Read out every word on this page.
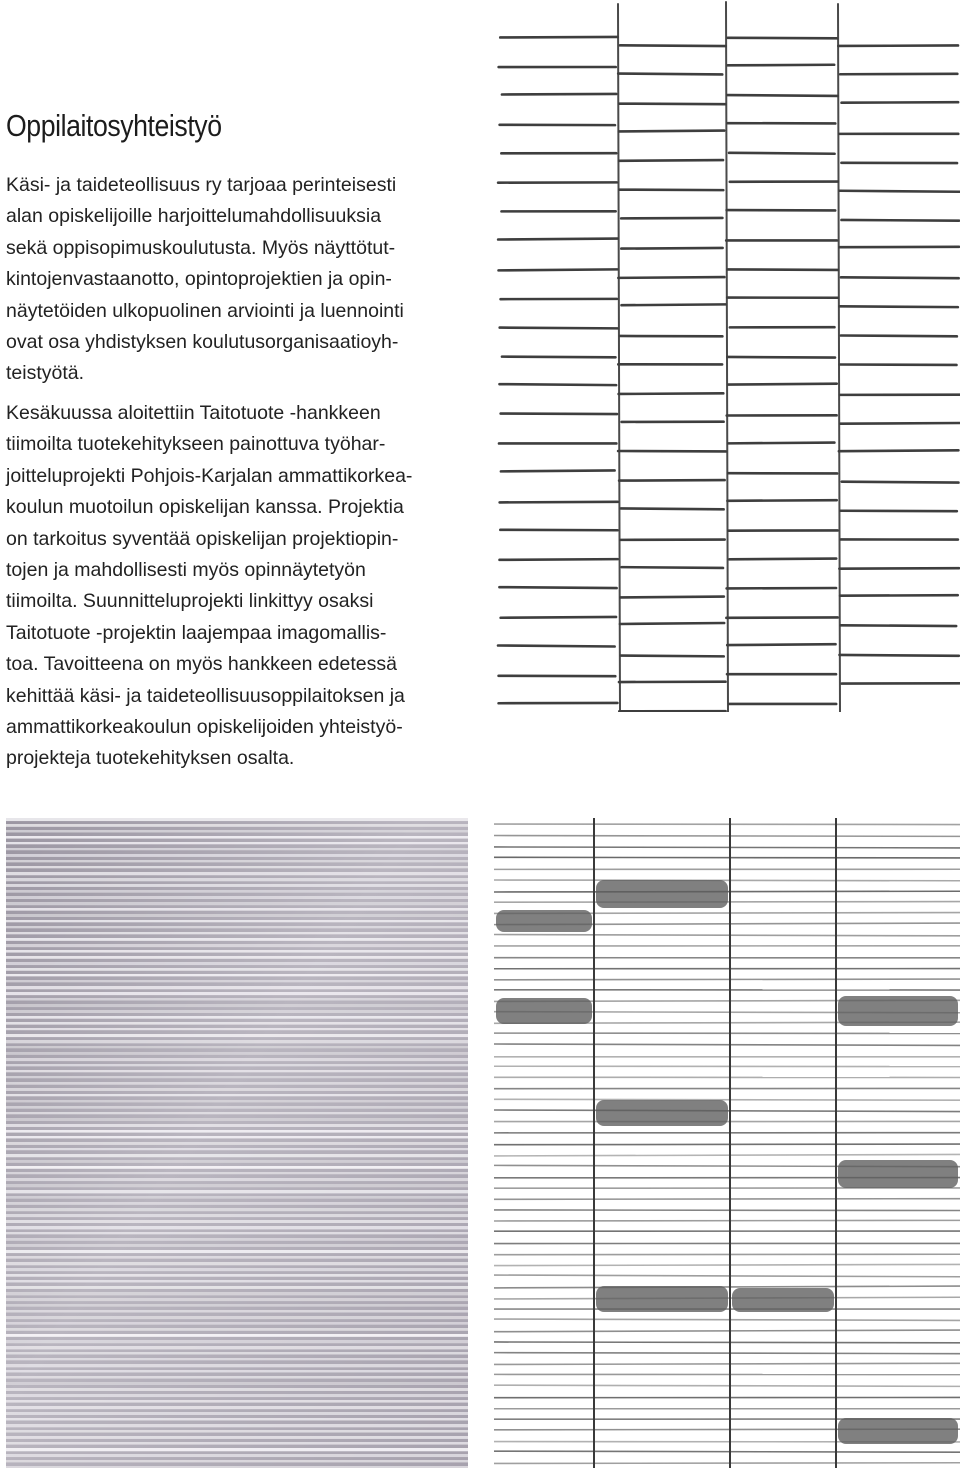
Oppilaitosyhteistyö

Käsi- ja taideteollisuus ry tarjoaa perinteisesti
alan opiskelijoille harjoittelumahdollisuuksia
sekä oppisopimuskoulutusta. Myös näyttötut-
kintojenvastaanotto, opintoprojektien ja opin-
näytetöiden ulkopuolinen arviointi ja luennointi
ovat osa yhdistyksen koulutusorganisaatioyh-
teistyötä.

Kesäkuussa aloitettiin Taitotuote -hankkeen
tiimoilta tuotekehitykseen painottuva työhar-
joitteluprojekti Pohjois-Karjalan ammattikorkea-
koulun muotoilun opiskelijan kanssa. Projektia
on tarkoitus syventää opiskelijan projektiopin-
tojen ja mahdollisesti myös opinnäytetyön
tiimoilta. Suunnitteluprojekti linkittyy osaksi
Taitotuote -projektin laajempaa imagomallis-
toa. Tavoitteena on myös hankkeen edetessä
kehittää käsi- ja taideteollisuusoppilaitoksen ja
ammattikorkeakoulun opiskelijoiden yhteistyö-
projekteja tuotekehityksen osalta.
